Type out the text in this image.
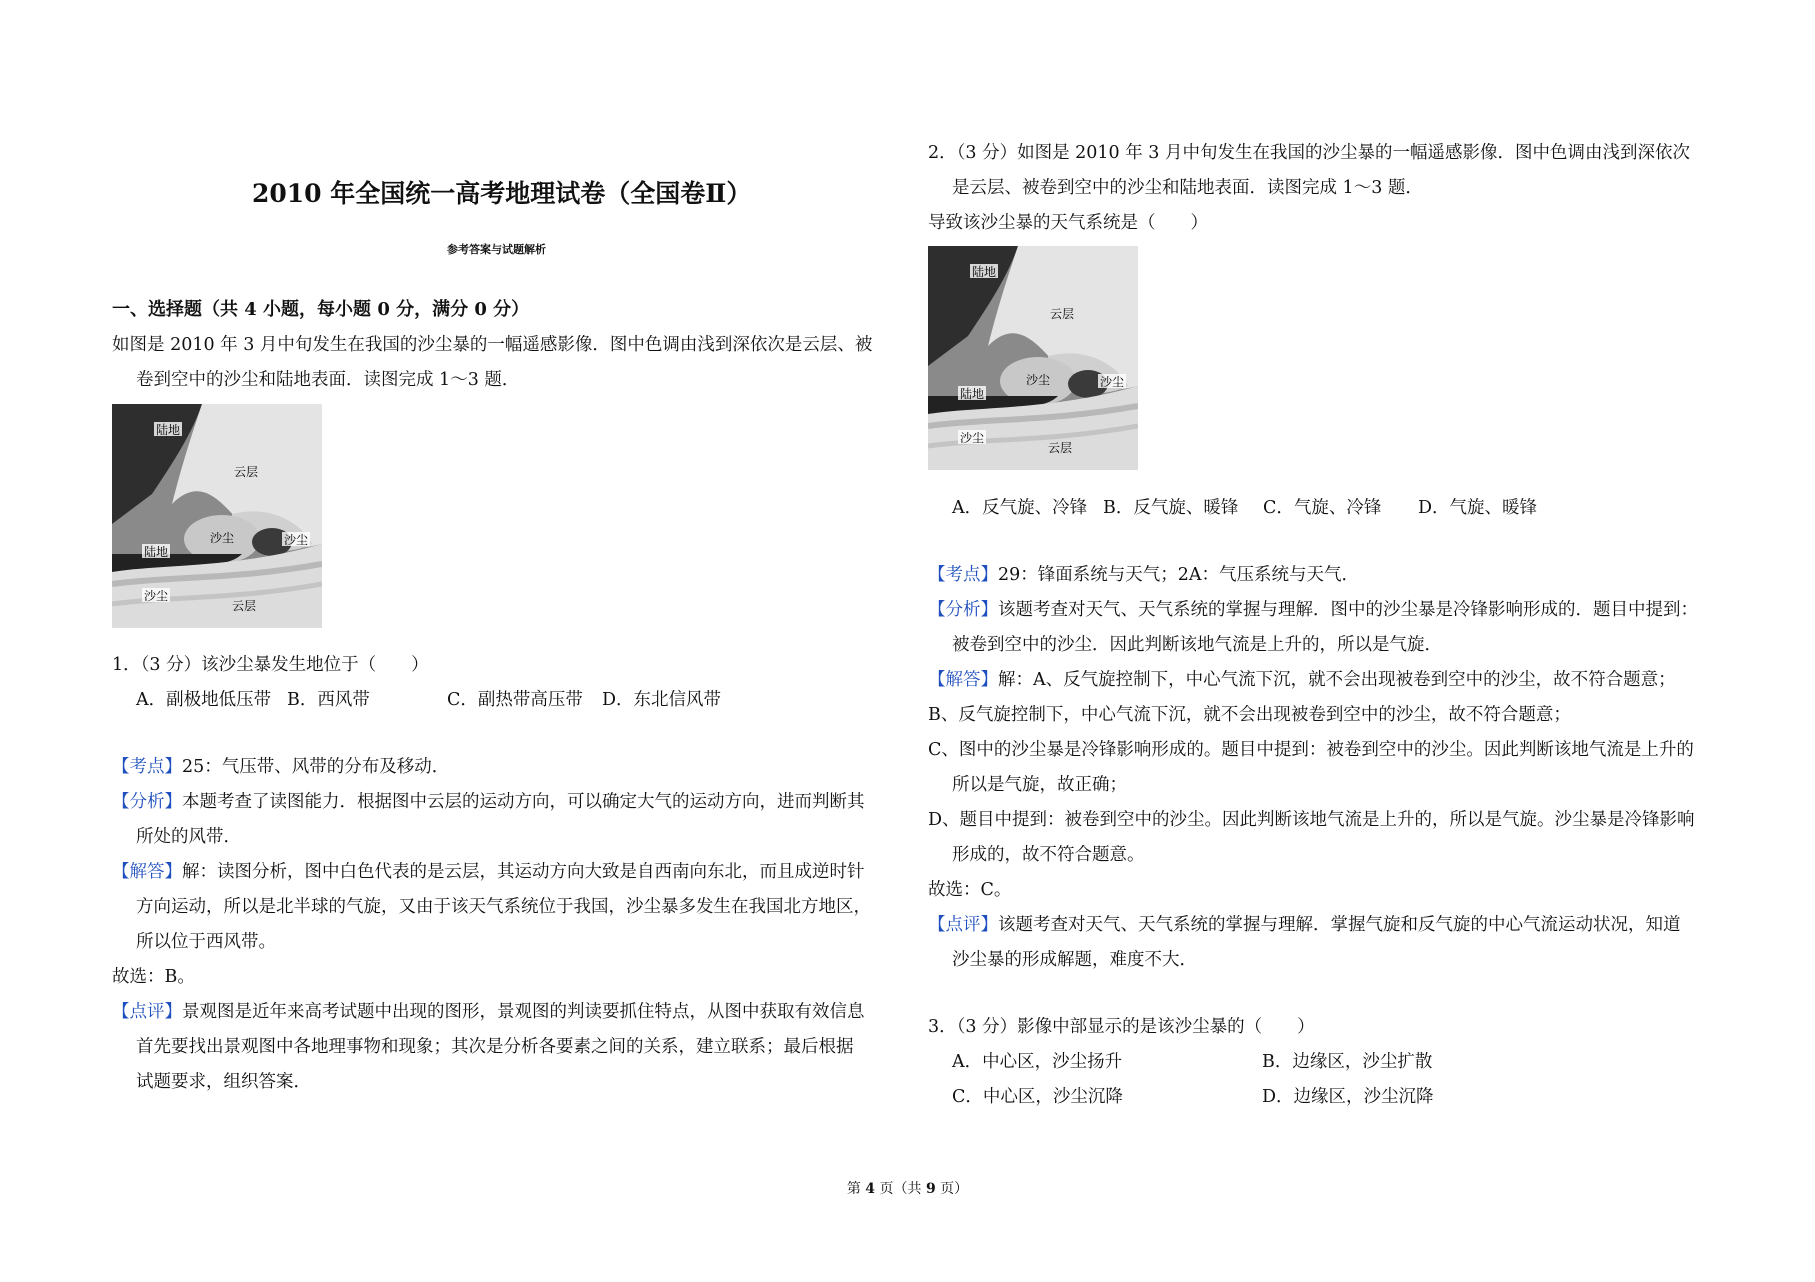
2010 年全国统一高考地理试卷（全国卷Ⅱ）
参考答案与试题解析
一、选择题（共 4 小题，每小题 0 分，满分 0 分）
如图是 2010 年 3 月中旬发生在我国的沙尘暴的一幅遥感影像．图中色调由浅到深依次是云层、被
卷到空中的沙尘和陆地表面．读图完成 1～3 题．
陆地
云层
沙尘	沙尘
陆地
沙尘
云层
1．（3 分）该沙尘暴发生地位于（　　）
A．副极地低压带 B．西风带	C．副热带高压带 D．东北信风带
【考点】25：气压带、风带的分布及移动．
【分析】本题考查了读图能力．根据图中云层的运动方向，可以确定大气的运动方向，进而判断其
所处的风带．
【解答】解：读图分析，图中白色代表的是云层，其运动方向大致是自西南向东北，而且成逆时针
方向运动，所以是北半球的气旋，又由于该天气系统位于我国，沙尘暴多发生在我国北方地区，
所以位于西风带。
故选：B。
【点评】景观图是近年来高考试题中出现的图形，景观图的判读要抓住特点，从图中获取有效信息
首先要找出景观图中各地理事物和现象；其次是分析各要素之间的关系，建立联系；最后根据
试题要求，组织答案．
2．（3 分）如图是 2010 年 3 月中旬发生在我国的沙尘暴的一幅遥感影像．图中色调由浅到深依次
是云层、被卷到空中的沙尘和陆地表面．读图完成 1～3 题．
导致该沙尘暴的天气系统是（　　）
陆地
云层
沙尘	沙尘
陆地
沙尘
云层
A．反气旋、冷锋 B．反气旋、暖锋 C．气旋、冷锋 D．气旋、暖锋
【考点】29：锋面系统与天气；2A：气压系统与天气．
【分析】该题考查对天气、天气系统的掌握与理解．图中的沙尘暴是冷锋影响形成的．题目中提到：
被卷到空中的沙尘．因此判断该地气流是上升的，所以是气旋．
【解答】解：A、反气旋控制下，中心气流下沉，就不会出现被卷到空中的沙尘，故不符合题意；
B、反气旋控制下，中心气流下沉，就不会出现被卷到空中的沙尘，故不符合题意；
C、图中的沙尘暴是冷锋影响形成的。题目中提到：被卷到空中的沙尘。因此判断该地气流是上升的
所以是气旋，故正确；
D、题目中提到：被卷到空中的沙尘。因此判断该地气流是上升的，所以是气旋。沙尘暴是冷锋影响
形成的，故不符合题意。
故选：C。
【点评】该题考查对天气、天气系统的掌握与理解．掌握气旋和反气旋的中心气流运动状况，知道
沙尘暴的形成解题，难度不大．
3．（3 分）影像中部显示的是该沙尘暴的（　　）
A．中心区，沙尘扬升	B．边缘区，沙尘扩散
C．中心区，沙尘沉降	D．边缘区，沙尘沉降
第 4 页（共 9 页）
